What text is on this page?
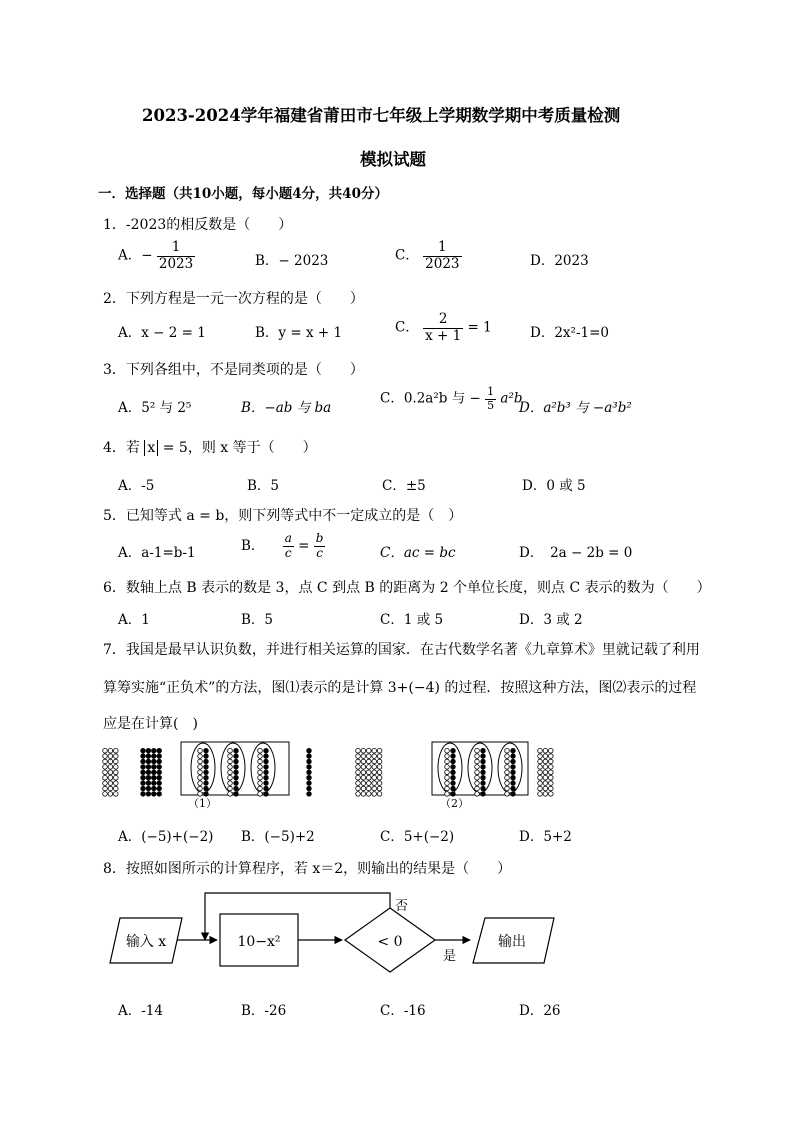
2023-2024学年福建省莆田市七年级上学期数学期中考质量检测
模拟试题
一．选择题（共10小题，每小题4分，共40分）
1．-2023的相反数是（　　）
A．− $\frac{1}{2023}$	B．− 2023	C． $\frac{1}{2023}$	D．2023
2．下列方程是一元一次方程的是（　　）
A．x − 2 = 1	B．y = x + 1	C． $\frac{2}{x + 1} = 1$	D．2x²-1=0
3．下列各组中，不是同类项的是（　　）
A．5² 与 2⁵	B．−ab 与 ba
C．0.2a²b 与 − $\frac{1}{5} a^2b$
D．a²b³ 与 −a³b²
4．若 x = 5，则 x 等于（　　）
A．-5	B．5	C．±5	D．0 或 5
5．已知等式 a = b，则下列等式中不一定成立的是（　）
A．a-1=b-1	B． $\frac{a}{c} = \frac{b}{c}$	C．ac = bc	D．　2a − 2b = 0
6．数轴上点 B 表示的数是 3，点 C 到点 B 的距离为 2 个单位长度，则点 C 表示的数为（　　）
A．1	B．5	C．1 或 5	D．3 或 2
7．我国是最早认识负数，并进行相关运算的国家．在古代数学名著《九章算术》里就记载了利用
算筹实施“正负术”的方法，图⑴表示的是计算 3+(−4) 的过程．按照这种方法，图⑵表示的过程
应是在计算(　)
（1）	（2）
A．(−5)+(−2) B．(−5)+2	C．5+(−2)	D．5+2
8．按照如图所示的计算程序，若 x＝2，则输出的结果是（　　）
输入 x	10−x²	< 0
否
是
输出
A．-14	B．-26	C．-16	D．26
